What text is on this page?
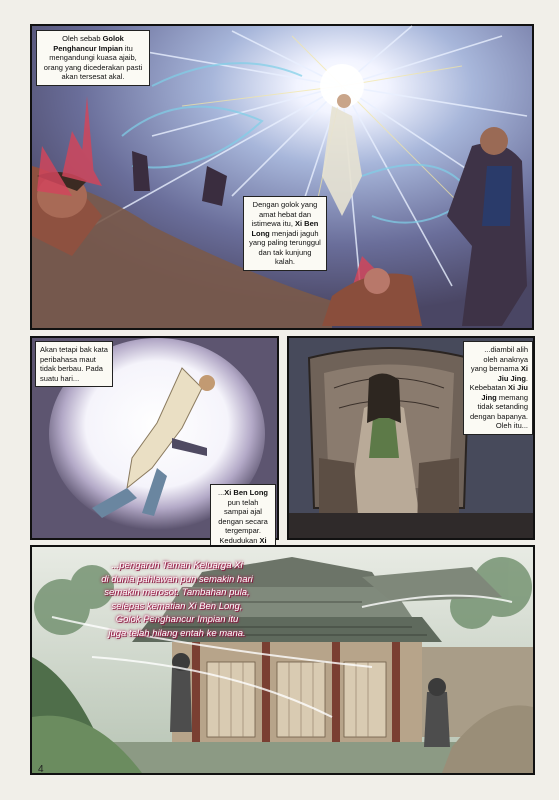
Oleh sebab Golok Penghancur Impian itu mengandungi kuasa ajaib, orang yang dicederakan pasti akan tersesat akal.
Dengan golok yang amat hebat dan istimewa itu, Xi Ben Long menjadi jaguh yang paling terunggul dan tak kunjung kalah.
Akan tetapi bak kata peribahasa maut tidak berbau. Pada suatu hari...
...Xi Ben Long pun telah sampai ajal dengan secara tergempar. Kedudukan Xi
...diambil alih oleh anaknya yang bernama Xi Jiu Jing. Kebebatan Xi Jiu Jing memang tidak setanding dengan bapanya. Oleh itu...
...pengaruh Taman Keluarga Xi
di dunia pahlawan pun semakin hari
semakin merosot. Tambahan pula,
selepas kematian Xi Ben Long,
Golok Penghancur Impian itu
juga telah hilang entah ke mana.
4
